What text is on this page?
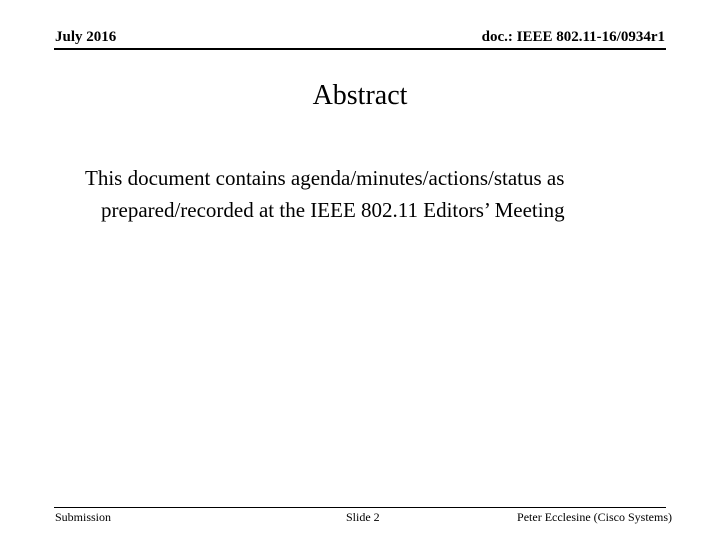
July 2016	doc.: IEEE 802.11-16/0934r1
Abstract
This document contains agenda/minutes/actions/status as prepared/recorded at the IEEE 802.11 Editors’ Meeting
Submission	Slide 2	Peter Ecclesine (Cisco Systems)
